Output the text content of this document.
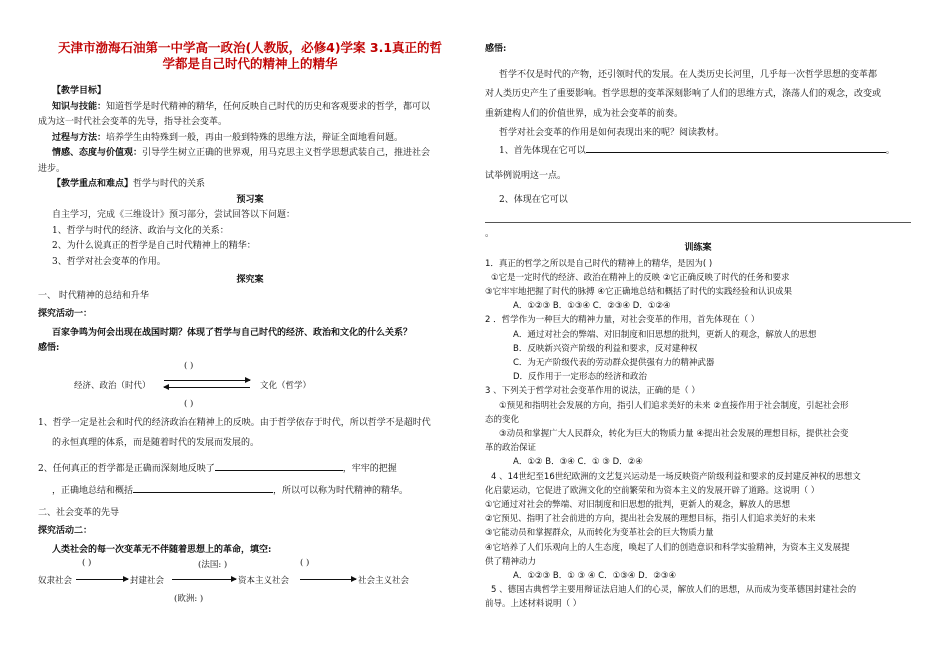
天津市渤海石油第一中学高一政治(人教版，必修4)学案 3.1真正的哲
学都是自己时代的精神上的精华
【教学目标】
知识与技能：知道哲学是时代精神的精华，任何反映自己时代的历史和客观要求的哲学，都可以
成为这一时代社会变革的先导，指导社会变革。
过程与方法：培养学生由特殊到一般，再由一般到特殊的思维方法，辩证全面地看问题。
情感、态度与价值观：引导学生树立正确的世界观，用马克思主义哲学思想武装自己，推进社会
进步。
【教学重点和难点】哲学与时代的关系
预习案
自主学习，完成《三维设计》预习部分，尝试回答以下问题：
1、哲学与时代的经济、政治与文化的关系：
2、为什么说真正的哲学是自己时代精神上的精华：
3、哲学对社会变革的作用。
探究案
一、 时代精神的总结和升华
探究活动一：
百家争鸣为何会出现在战国时期？体现了哲学与自己时代的经济、政治和文化的什么关系？
感悟:
( )
经济、政治（时代）	文化（哲学）
( )
1、哲学一定是社会和时代的经济政治在精神上的反映。由于哲学依存于时代，所以哲学不是超时代
的永恒真理的体系，而是随着时代的发展而发展的。
2、任何真正的哲学都是正确而深刻地反映了	，牢牢的把握
，正确地总结和概括	，所以可以称为时代精神的精华。
二、社会变革的先导
探究活动二：
人类社会的每一次变革无不伴随着思想上的革命，填空:
( )	(法国: )	( )
奴隶社会	封建社会	资本主义社会	社会主义社会
(欧洲: )
感悟:
哲学不仅是时代的产物，还引领时代的发展。在人类历史长河里，几乎每一次哲学思想的变革都
对人类历史产生了重要影响。哲学思想的变革深刻影响了人们的思维方式，涤荡人们的观念，改变或
重新建构人们的价值世界，成为社会变革的前奏。
哲学对社会变革的作用是如何表现出来的呢？阅读教材。
1、首先体现在它可以	。
试举例说明这一点。
2、体现在它可以
。
训练案
1．真正的哲学之所以是自己时代的精神上的精华，是因为( )
①它是一定时代的经济、政治在精神上的反映 ②它正确反映了时代的任务和要求
③它牢牢地把握了时代的脉搏 ④它正确地总结和概括了时代的实践经验和认识成果
A．①②③ B．①③④ C．②③④ D．①②④
2 ．哲学作为一种巨大的精神力量，对社会变革的作用，首先体现在（ ）
A．通过对社会的弊端、对旧制度和旧思想的批判，更新人的观念，解放人的思想
B．反映新兴资产阶级的利益和要求，反对建种权
C．为无产阶级代表的劳动群众提供强有力的精神武器
D．反作用于一定形态的经济和政治
3 、下列关于哲学对社会变革作用的说法，正确的是（ ）
①预见和指明社会发展的方向，指引人们追求美好的未来 ②直接作用于社会制度，引起社会形
态的变化
③动员和掌握广大人民群众，转化为巨大的物质力量 ④提出社会发展的理想目标，提供社会变
革的政治保证
A．①② B．③④ C．① ③ D．②④
4 、14世纪至16世纪欧洲的文艺复兴运动是一场反映资产阶级利益和要求的反封建反神权的思想文
化启蒙运动，它促进了欧洲文化的空前繁荣和为资本主义的发展开辟了道路。这说明（ ）
①它通过对社会的弊端、对旧制度和旧思想的批判，更新人的观念，解放人的思想
②它预见、指明了社会前进的方向，提出社会发展的理想目标，指引人们追求美好的未来
③它能动员和掌握群众，从而转化为变革社会的巨大物质力量
④它培养了人们乐观向上的人生态度，唤起了人们的创造意识和科学实验精神，为资本主义发展提
供了精神动力
A．①②③ B．① ③ ④ C．①③④ D．②③④
5 、德国古典哲学主要用辩证法启迪人们的心灵，解放人们的思想，从而成为变革德国封建社会的
前导。上述材料说明（ ）
